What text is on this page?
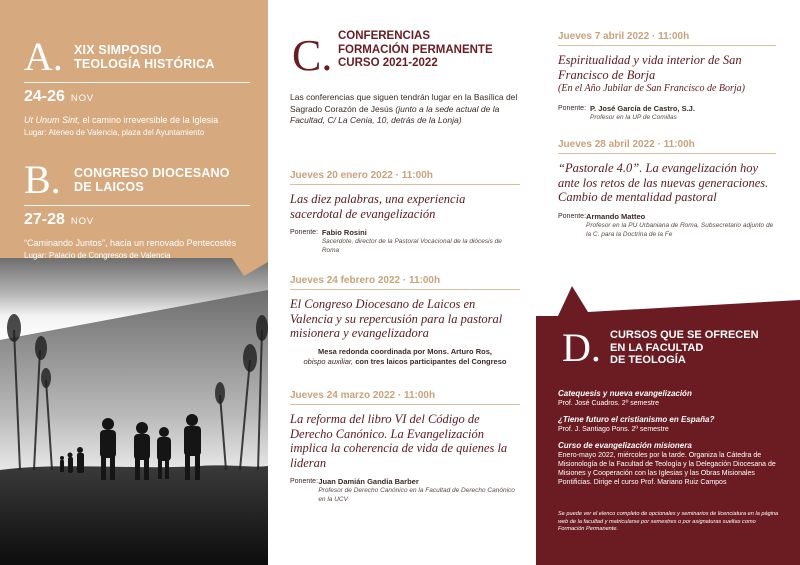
A. XIX SIMPOSIO
TEOLOGÍA HISTÓRICA
24-26 NOV
Ut Unum Sint, el camino irreversible de la Iglesia
Lugar: Ateneo de Valencia, plaza del Ayuntamiento
B.	CONGRESO DIOCESANO
DE LAICOS
27-28 NOV
“Caminando Juntos”, hacia un renovado Pentecostés
Lugar: Palacio de Congresos de Valencia
C. CONFERENCIAS
FORMACIÓN PERMANENTE
CURSO 2021-2022
Las conferencias que siguen tendrán lugar en la Basílica del Sagrado Corazón de Jesús (junto a la sede actual de la Facultad, C/ La Cenia, 10, detrás de la Lonja)
Jueves 20 enero 2022 · 11:00h
Las diez palabras, una experiencia sacerdotal de evangelización
Ponente: Fabio Rosini
Sacerdote, director de la Pastoral Vocacional de la diócesis de Roma
Jueves 24 febrero 2022 · 11:00h
El Congreso Diocesano de Laicos en Valencia y su repercusión para la pastoral misionera y evangelizadora
Mesa redonda coordinada por Mons. Arturo Ros,
obispo auxiliar, con tres laicos participantes del Congreso
Jueves 24 marzo 2022 · 11:00h
La reforma del libro VI del Código de Derecho Canónico. La Evangelización implica la coherencia de vida de quienes la lideran
Ponente: Juan Damián Gandía Barber
Profesor de Derecho Canónico en la Facultad de Derecho Canónico en la UCV
Jueves 7 abril 2022 · 11:00h
Espiritualidad y vida interior de San Francisco de Borja
(En el Año Jubilar de San Francisco de Borja)
Ponente: P. José García de Castro, S.J.
Profesor en la UP de Comillas
Jueves 28 abril 2022 · 11:00h
“Pastorale 4.0”. La evangelización hoy ante los retos de las nuevas generaciones.
Cambio de mentalidad pastoral
Ponente: Armando Matteo
Profesor en la PU Urbaniana de Roma, Subsecretario adjunto de la C. para la Doctrina de la Fe
D. CURSOS QUE SE OFRECEN
EN LA FACULTAD
DE TEOLOGÍA
Catequesis y nueva evangelización
Prof. José Cuadros. 2º semestre
¿Tiene futuro el cristianismo en España?
Prof. J. Santiago Pons. 2º semestre
Curso de evangelización misionera
Enero-mayo 2022, miércoles por la tarde. Organiza la Cátedra de Misionología de la Facultad de Teología y la Delegación Diocesana de Misiones y Cooperación con las Iglesias y las Obras Misionales Pontificias. Dirige el curso Prof. Mariano Ruiz Campos
Se puede ver el elenco completo de opcionales y seminarios de licenciatura en la página web de la facultad y matricularse por semestres o por asignaturas sueltas como Formación Permanente.
